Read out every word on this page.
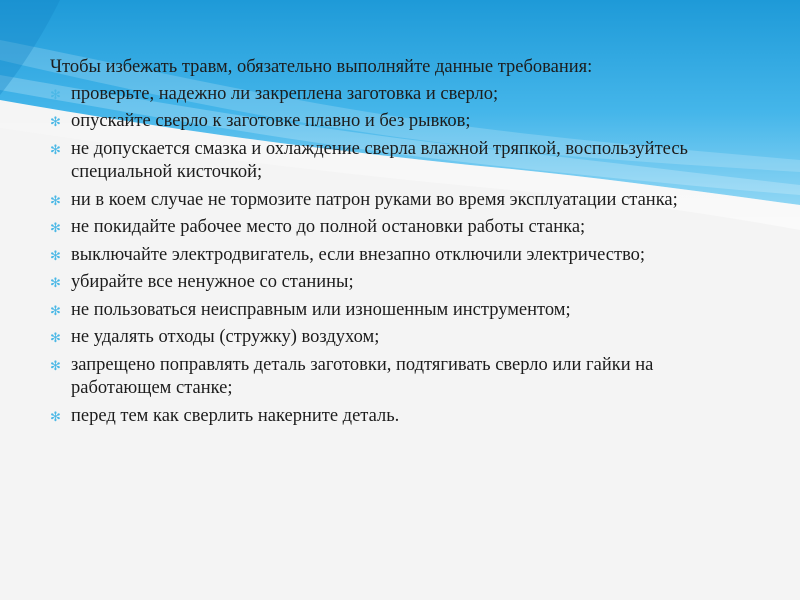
Чтобы избежать травм, обязательно выполняйте данные требования:

✻ проверьте, надежно ли закреплена заготовка и сверло;
✻ опускайте сверло к заготовке плавно и без рывков;
✻ не допускается смазка и охлаждение сверла влажной тряпкой, воспользуйтесь специальной кисточкой;
✻ ни в коем случае не тормозите патрон руками во время эксплуатации станка;
✻ не покидайте рабочее место до полной остановки работы станка;
✻ выключайте электродвигатель, если внезапно отключили электричество;
✻ убирайте все ненужное со станины;
✻ не пользоваться неисправным или изношенным инструментом;
✻ не удалять отходы (стружку) воздухом;
✻ запрещено поправлять деталь заготовки, подтягивать сверло или гайки на работающем станке;
✻ перед тем как сверлить накерните деталь.
